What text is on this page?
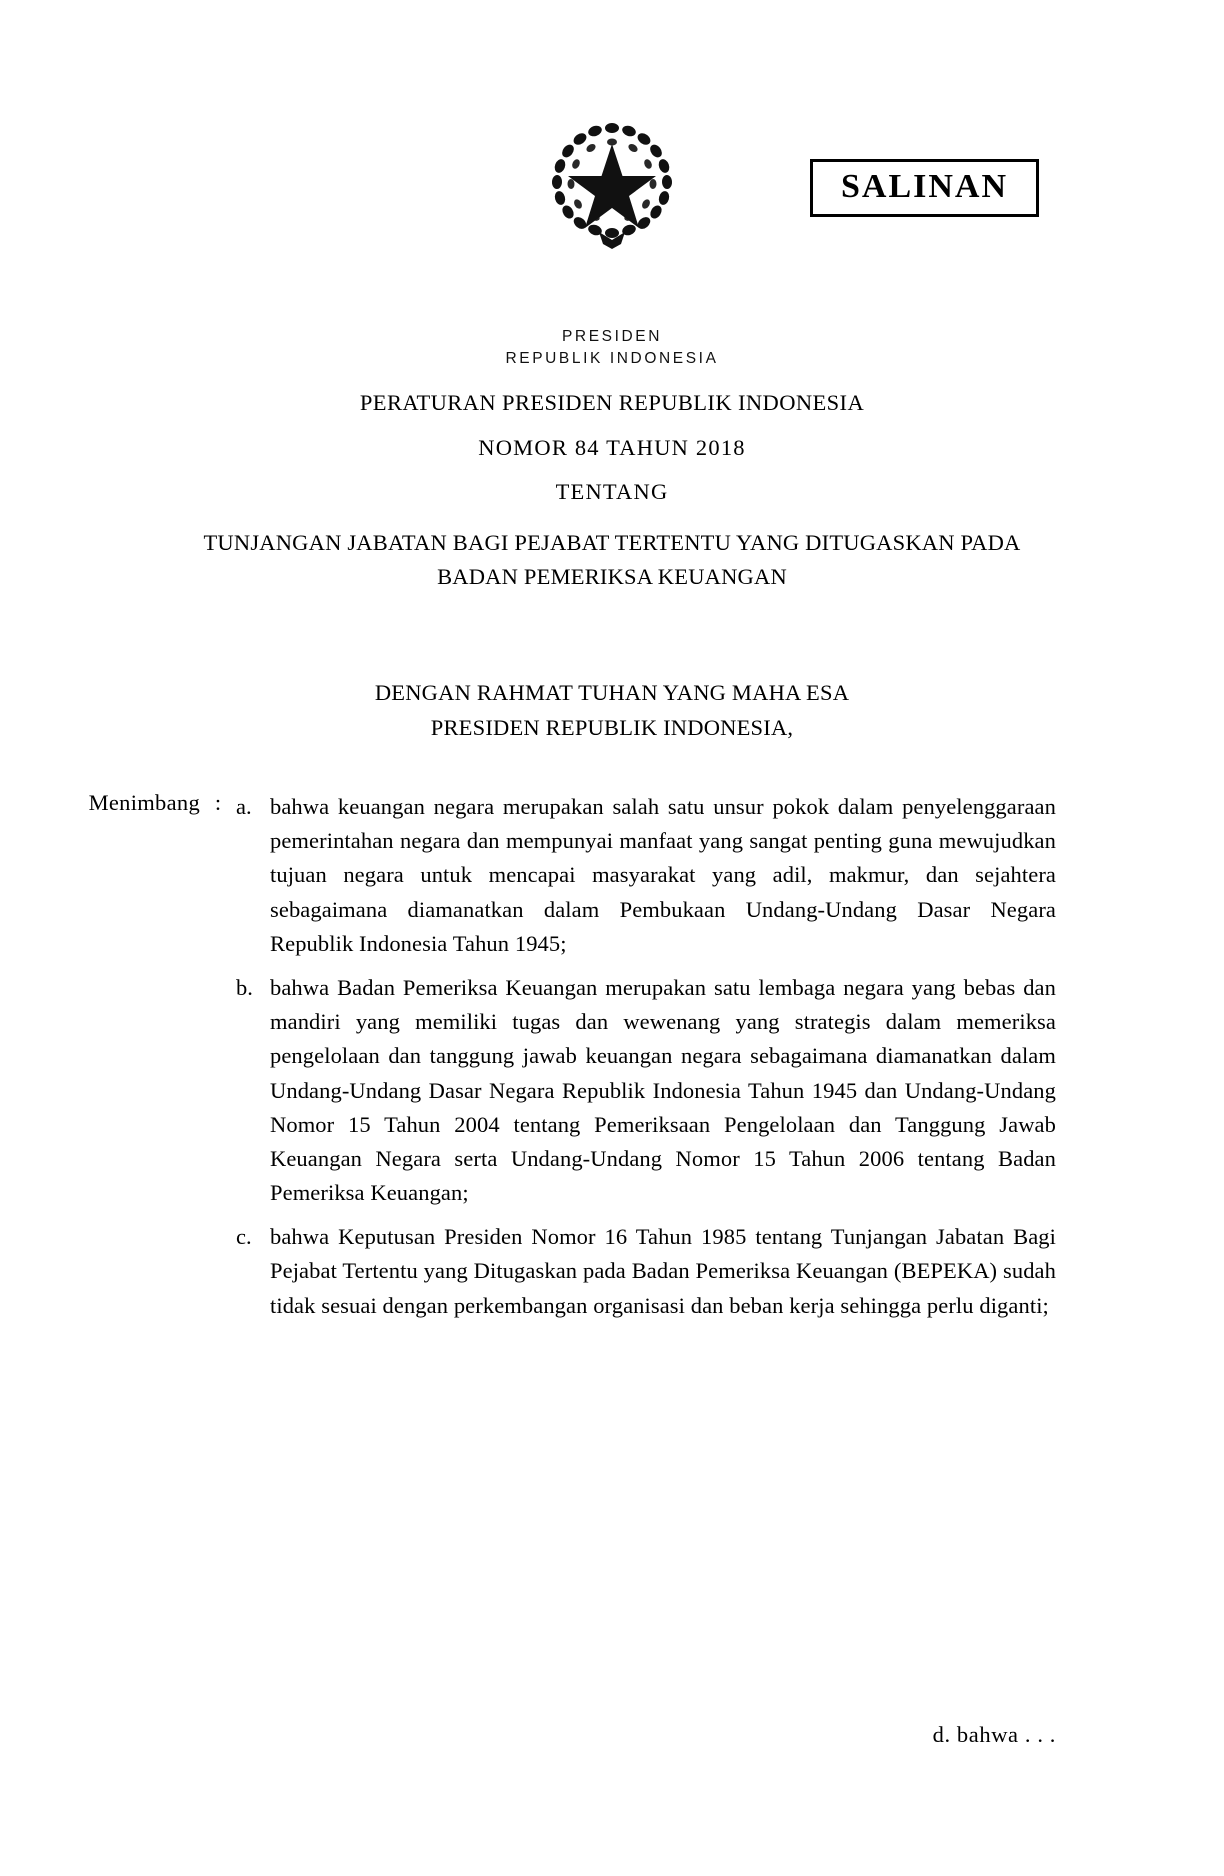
SALINAN
PRESIDEN
REPUBLIK INDONESIA
PERATURAN PRESIDEN REPUBLIK INDONESIA
NOMOR 84 TAHUN 2018
TENTANG
TUNJANGAN JABATAN BAGI PEJABAT TERTENTU YANG DITUGASKAN PADA
BADAN PEMERIKSA KEUANGAN
DENGAN RAHMAT TUHAN YANG MAHA ESA
PRESIDEN REPUBLIK INDONESIA,
Menimbang : a. bahwa keuangan negara merupakan salah satu unsur pokok dalam penyelenggaraan pemerintahan negara dan mempunyai manfaat yang sangat penting guna mewujudkan tujuan negara untuk mencapai masyarakat yang adil, makmur, dan sejahtera sebagaimana diamanatkan dalam Pembukaan Undang-Undang Dasar Negara Republik Indonesia Tahun 1945;
b. bahwa Badan Pemeriksa Keuangan merupakan satu lembaga negara yang bebas dan mandiri yang memiliki tugas dan wewenang yang strategis dalam memeriksa pengelolaan dan tanggung jawab keuangan negara sebagaimana diamanatkan dalam Undang-Undang Dasar Negara Republik Indonesia Tahun 1945 dan Undang-Undang Nomor 15 Tahun 2004 tentang Pemeriksaan Pengelolaan dan Tanggung Jawab Keuangan Negara serta Undang-Undang Nomor 15 Tahun 2006 tentang Badan Pemeriksa Keuangan;
c. bahwa Keputusan Presiden Nomor 16 Tahun 1985 tentang Tunjangan Jabatan Bagi Pejabat Tertentu yang Ditugaskan pada Badan Pemeriksa Keuangan (BEPEKA) sudah tidak sesuai dengan perkembangan organisasi dan beban kerja sehingga perlu diganti;
d. bahwa . . .
